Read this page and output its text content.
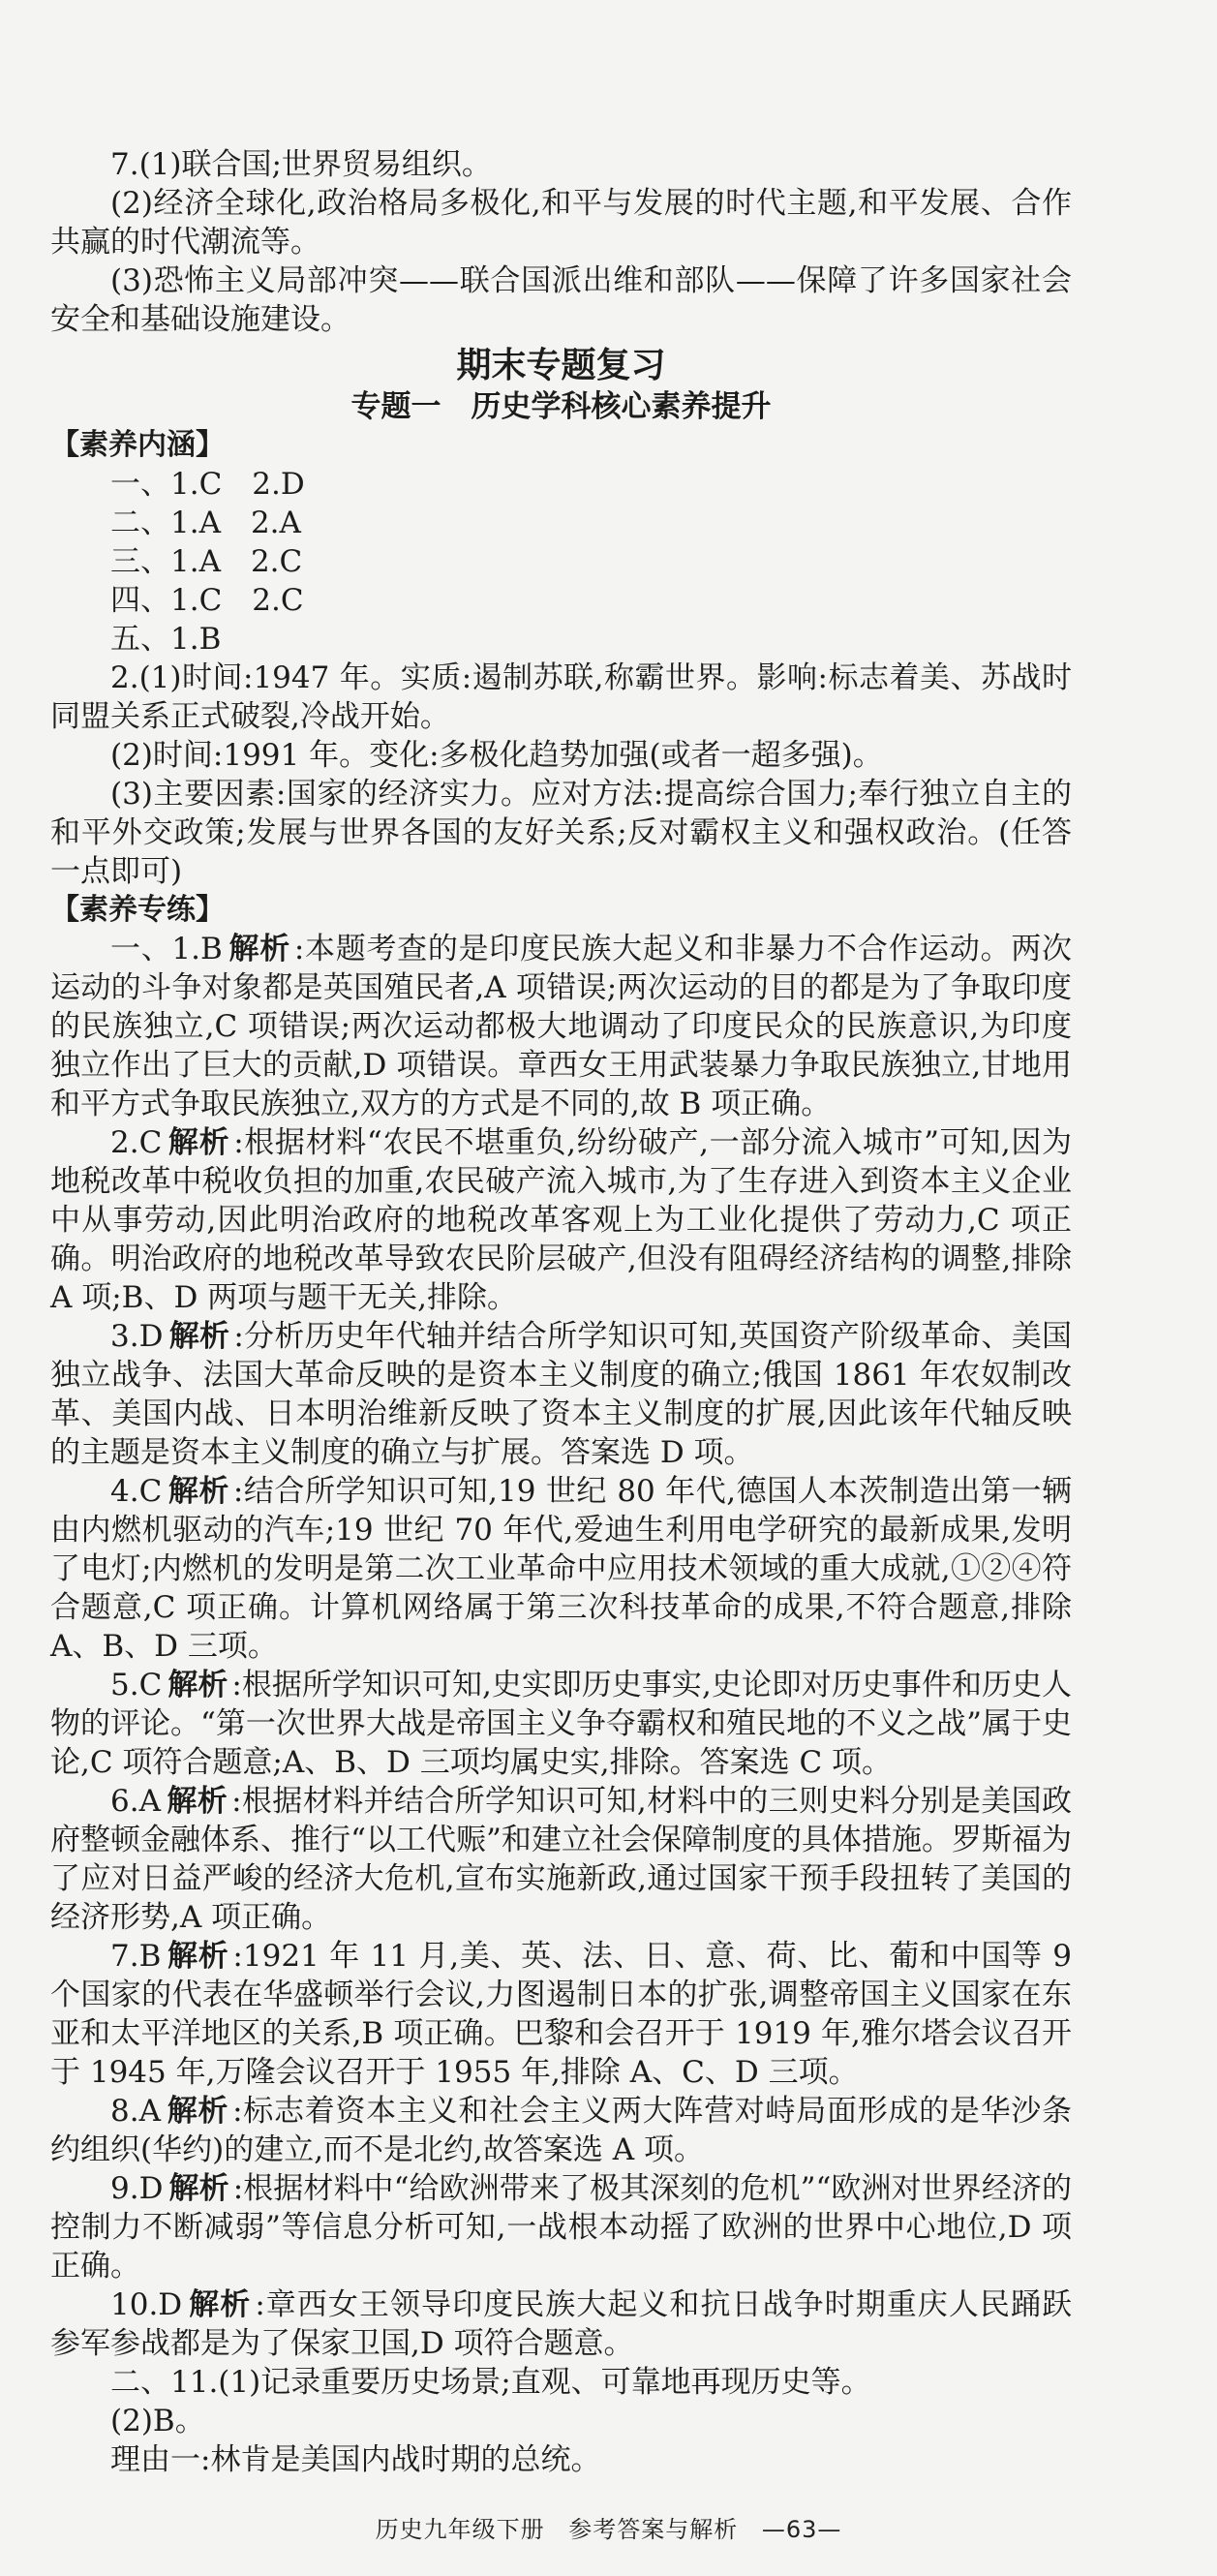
7.(1)联合国;世界贸易组织。

(2)经济全球化,政治格局多极化,和平与发展的时代主题,和平发展、合作共赢的时代潮流等。

(3)恐怖主义局部冲突——联合国派出维和部队——保障了许多国家社会安全和基础设施建设。

期末专题复习
专题一　历史学科核心素养提升

【素养内涵】

一、1.C　2.D
二、1.A　2.A
三、1.A　2.C
四、1.C　2.C
五、1.B

2.(1)时间:1947 年。实质:遏制苏联,称霸世界。影响:标志着美、苏战时同盟关系正式破裂,冷战开始。

(2)时间:1991 年。变化:多极化趋势加强(或者一超多强)。

(3)主要因素:国家的经济实力。应对方法:提高综合国力;奉行独立自主的和平外交政策;发展与世界各国的友好关系;反对霸权主义和强权政治。(任答一点即可)

【素养专练】

一、1.B 解析 :本题考查的是印度民族大起义和非暴力不合作运动。两次运动的斗争对象都是英国殖民者,A 项错误;两次运动的目的都是为了争取印度的民族独立,C 项错误;两次运动都极大地调动了印度民众的民族意识,为印度独立作出了巨大的贡献,D 项错误。章西女王用武装暴力争取民族独立,甘地用和平方式争取民族独立,双方的方式是不同的,故 B 项正确。

2.C 解析 :根据材料“农民不堪重负,纷纷破产,一部分流入城市”可知,因为地税改革中税收负担的加重,农民破产流入城市,为了生存进入到资本主义企业中从事劳动,因此明治政府的地税改革客观上为工业化提供了劳动力,C 项正确。明治政府的地税改革导致农民阶层破产,但没有阻碍经济结构的调整,排除 A 项;B、D 两项与题干无关,排除。

3.D 解析 :分析历史年代轴并结合所学知识可知,英国资产阶级革命、美国独立战争、法国大革命反映的是资本主义制度的确立;俄国 1861 年农奴制改革、美国内战、日本明治维新反映了资本主义制度的扩展,因此该年代轴反映的主题是资本主义制度的确立与扩展。答案选 D 项。

4.C 解析 :结合所学知识可知,19 世纪 80 年代,德国人本茨制造出第一辆由内燃机驱动的汽车;19 世纪 70 年代,爱迪生利用电学研究的最新成果,发明了电灯;内燃机的发明是第二次工业革命中应用技术领域的重大成就,①②④符合题意,C 项正确。计算机网络属于第三次科技革命的成果,不符合题意,排除 A、B、D 三项。

5.C 解析 :根据所学知识可知,史实即历史事实,史论即对历史事件和历史人物的评论。“第一次世界大战是帝国主义争夺霸权和殖民地的不义之战”属于史论,C 项符合题意;A、B、D 三项均属史实,排除。答案选 C 项。

6.A 解析 :根据材料并结合所学知识可知,材料中的三则史料分别是美国政府整顿金融体系、推行“以工代赈”和建立社会保障制度的具体措施。罗斯福为了应对日益严峻的经济大危机,宣布实施新政,通过国家干预手段扭转了美国的经济形势,A 项正确。

7.B 解析 :1921 年 11 月,美、英、法、日、意、荷、比、葡和中国等 9 个国家的代表在华盛顿举行会议,力图遏制日本的扩张,调整帝国主义国家在东亚和太平洋地区的关系,B 项正确。巴黎和会召开于 1919 年,雅尔塔会议召开于 1945 年,万隆会议召开于 1955 年,排除 A、C、D 三项。

8.A 解析 :标志着资本主义和社会主义两大阵营对峙局面形成的是华沙条约组织(华约)的建立,而不是北约,故答案选 A 项。

9.D 解析 :根据材料中“给欧洲带来了极其深刻的危机”“欧洲对世界经济的控制力不断减弱”等信息分析可知,一战根本动摇了欧洲的世界中心地位,D 项正确。

10.D 解析 :章西女王领导印度民族大起义和抗日战争时期重庆人民踊跃参军参战都是为了保家卫国,D 项符合题意。

二、11.(1)记录重要历史场景;直观、可靠地再现历史等。

(2)B。

理由一:林肯是美国内战时期的总统。

历史九年级下册 参考答案与解析 —63—
